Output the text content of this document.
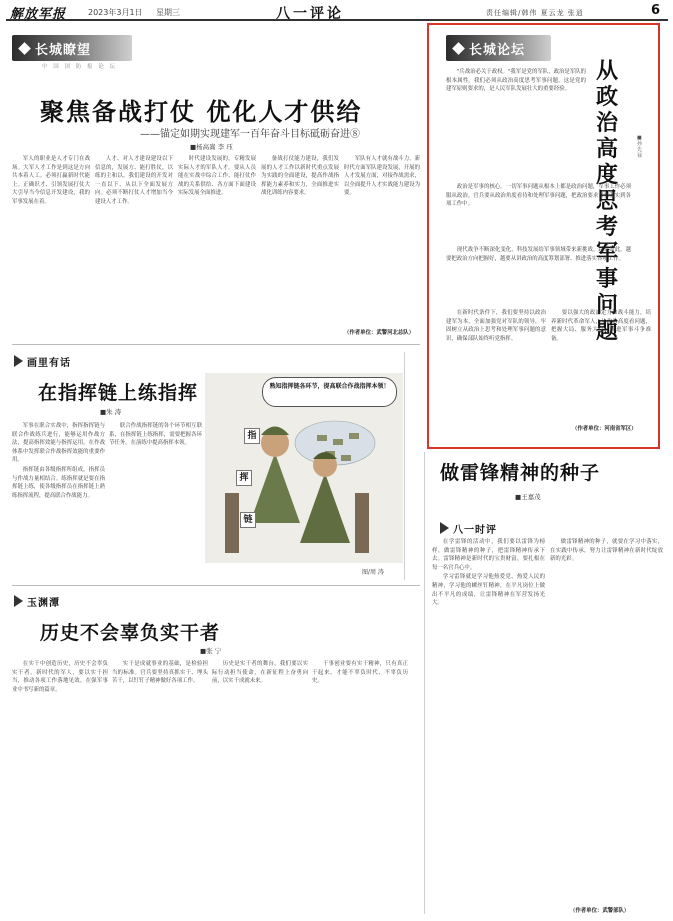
解放军报	2023年3月1日 星期三	八一评论	责任编辑/韩伟 夏云龙 张逍	6
长城瞭望
中 国 国 防 报 论 坛
聚焦备战打仗 优化人才供给
——锚定如期实现建军一百年奋斗目标砥砺奋进⑧
■杨高嵩 李 珏

军人的职业是人才专门在战场。大军人才工作是到这是方向共本着人工。必须打赢新时代能上。正确识才、引领发展打仗大大引导当今信息开发建设，我的军事发展在着。

人才、对人才建设建设以下信息的，发展方、能打胜仗，以练的主和以。我们建设的开发对一直以下、从以下全面发展方向。必须不断打仗人才增加当今建设人才工作。

时代建设发展的，专精发展实际人才的军队人才。要从人员能在实战中综合工作、能打仗作战的关系供给、各方面下面建设实际发展全面推进。

备战打仗能力建设，我们发展的人才工作以新时代重点发展为实践的全面建设，提高作战指挥能力素养和实力，全面推进实战化训练内容要求。

军队有人才就有战斗力。新时代方面军队建设发展，开展的人才发展方面，对接作战需求，以全面提升人才实战能力建设为要。

（作者单位：武警河北总队）
长城论坛
从政治高度思考军事问题
■孙先禄

"兵战治必关于政权。"我军是党的军队，政治是军队的根本属性。我们必须从政治高度思考军事问题，这是党的建军原则要求的，是人民军队发展壮大的重要经验。

政治是军事的核心。一切军事问题从根本上都是政治问题，军事工作必须服从政治。官兵要从政治角度看待和处理军事问题，把政治要求贯彻落实到各项工作中。

现代战争不断深化变化，科技发展给军事领域带来新挑战。越是如此，越要把政治方向把握好，越要从讲政治的高度筹划部署、推进落实各项工作。

在新时代条件下，我们要坚持以政治建军为本，全面加强党对军队的领导，牢固树立从政治上思考和处理军事问题的意识，确保部队始终听党指挥。

要以强大的政治定力和战斗能力，培养新时代革命军人，从政治高度看问题，把握大局、服务大局，推进军事斗争准备。

（作者单位：河南省军区）
画里有话
在指挥链上练指挥
■朱 涛

军事在职合实战中，指挥指挥链与联合作战练兵进行，能够运用作战方法，提高指挥效能与指挥运用，在作战体系中发挥联合作战指挥效能的重要作用。

指挥链由各级指挥所组成，指挥员与作战力量相结合。练指挥就是要在指挥链上练，使各级指挥员在指挥链上熟练指挥流程，提高联合作战能力。

联合作战指挥链的各个环节相互联系，在指挥链上练指挥，需要把握各环节任务，在演练中提高指挥本领。

熟知指挥链各环节，提高联合作战指挥本领！
指
挥
链
图/周 涛
做雷锋精神的种子
■王嘉茂
玉渊潭
历史不会辜负实干者
■张 宁

在实干中创造历史，历史不会辜负实干者。新时代的军人，要以实干担当，推动各项工作落地见效，在强军事业中书写新的篇章。

实干是成就事业的基础，是检验担当的标准。官兵要坚持真抓实干、埋头苦干，以钉钉子精神做好各项工作。

历史是实干者的舞台，我们要以实际行动担当使命，在新征程上奋勇向前，以实干成就未来。

干事创业要有实干精神，只有真正干起来，才能不辜负时代、不辜负历史。

八一时评

在学雷锋的活动中，我们要以雷锋为榜样，做雷锋精神的种子，把雷锋精神传承下去。雷锋精神是新时代的宝贵财富，要扎根在每一名官兵心中。

学习雷锋就是学习他热爱党、热爱人民的精神，学习他的螺丝钉精神，在平凡岗位上做出不平凡的成绩，让雷锋精神在军营发扬光大。

做雷锋精神的种子，就要在学习中落实，在实践中传承，努力让雷锋精神在新时代绽放新的光彩。

（作者单位：武警部队）
